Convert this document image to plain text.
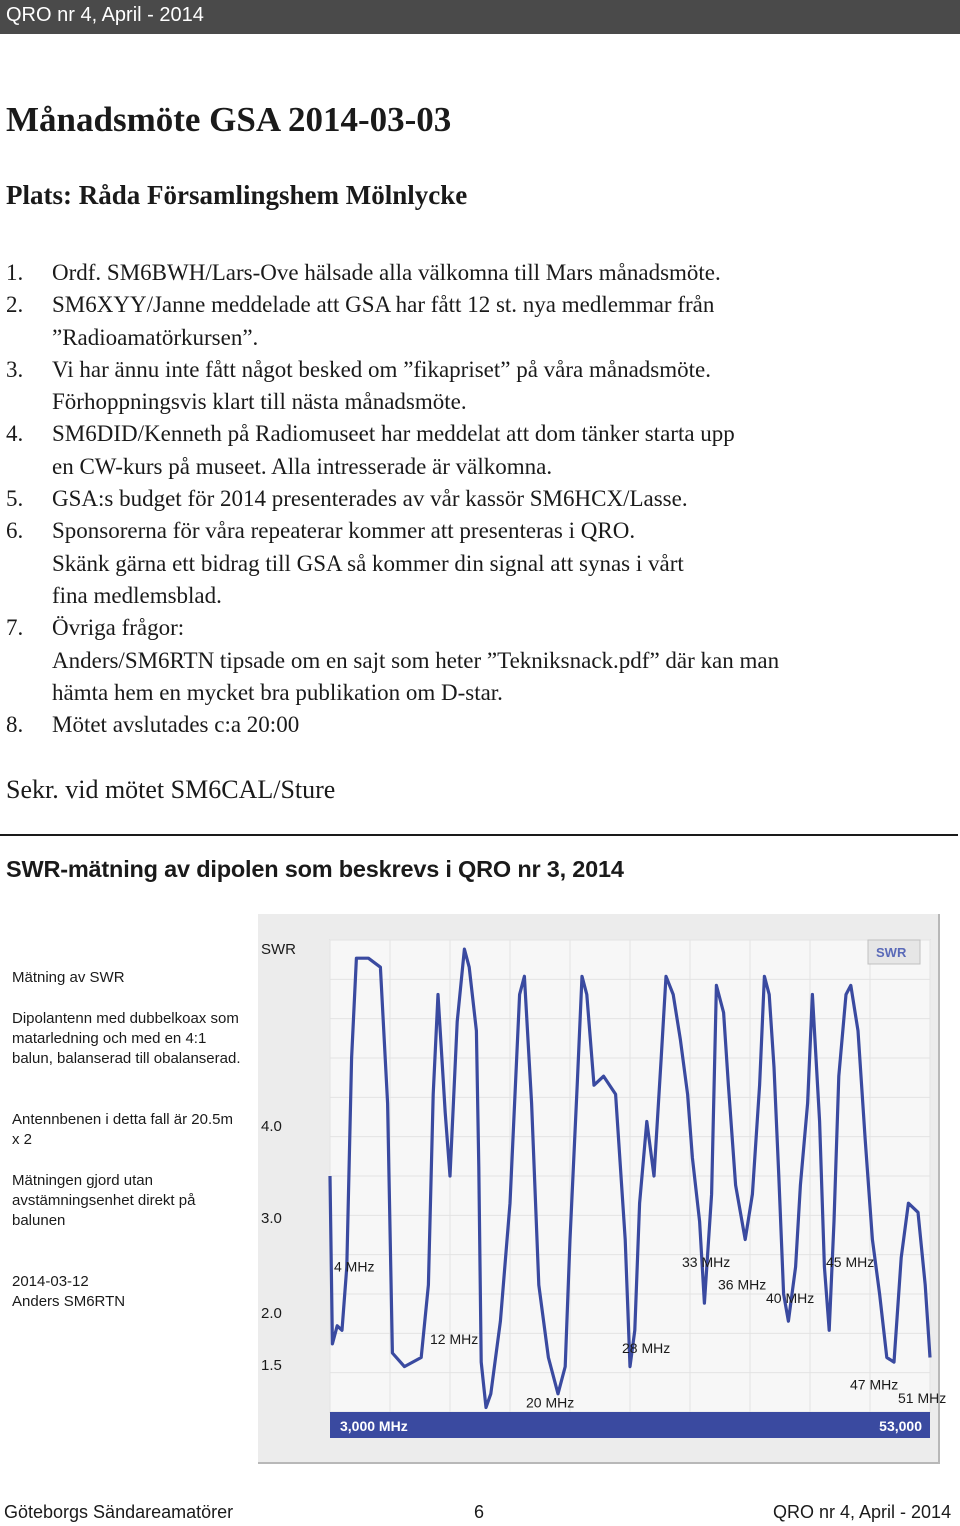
QRO nr 4, April - 2014
Månadsmöte GSA 2014-03-03
Plats: Råda Församlingshem Mölnlycke
1.	Ordf. SM6BWH/Lars-Ove hälsade alla välkomna till Mars månadsmöte.
2.	SM6XYY/Janne meddelade att GSA har fått 12 st. nya medlemmar från
”Radioamatörkursen”.
3.	Vi har ännu inte fått något besked om ”fikapriset” på våra månadsmöte.
Förhoppningsvis klart till nästa månadsmöte.
4.	SM6DID/Kenneth på Radiomuseet har meddelat att dom tänker starta upp
en CW-kurs på museet. Alla intresserade är välkomna.
5.	GSA:s budget för 2014 presenterades av vår kassör SM6HCX/Lasse.
6.	Sponsorerna för våra repeaterar kommer att presenteras i QRO.
Skänk gärna ett bidrag till GSA så kommer din signal att synas i vårt
fina medlemsblad.
7.	Övriga frågor:
Anders/SM6RTN tipsade om en sajt som heter ”Tekniksnack.pdf” där kan man
hämta hem en mycket bra publikation om D-star.
8.	Mötet avslutades c:a 20:00
Sekr. vid mötet SM6CAL/Sture
SWR-mätning av dipolen som beskrevs i QRO nr 3, 2014
Mätning av SWR
Dipolantenn med dubbelkoax som matarledning och med en 4:1 balun, balanserad till obalanserad.
Antennbenen i detta fall är 20.5m x 2
Mätningen gjord utan avstämningsenhet direkt på balunen
2014-03-12
Anders SM6RTN
SWR	SWR
4.0
3.0
2.0
1.5
3,000 MHz	53,000
4 MHz
12 MHz
20 MHz
28 MHz
33 MHz
36 MHz
40 MHz
45 MHz
47 MHz
51 MHz
Göteborgs Sändareamatörer	6	QRO nr 4, April - 2014
